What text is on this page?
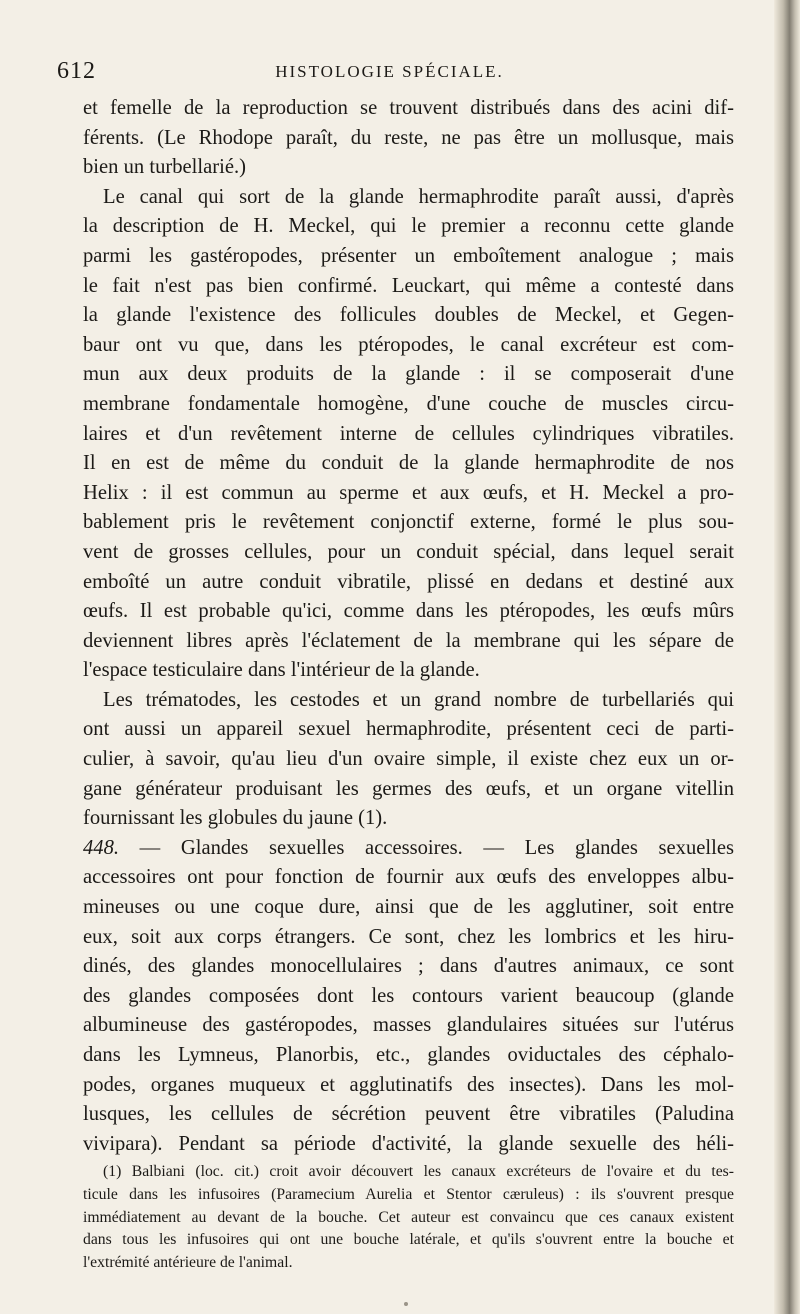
612	HISTOLOGIE SPÉCIALE.
et femelle de la reproduction se trouvent distribués dans des acini dif-
férents. (Le Rhodope paraît, du reste, ne pas être un mollusque, mais
bien un turbellarié.)
Le canal qui sort de la glande hermaphrodite paraît aussi, d'après
la description de H. Meckel, qui le premier a reconnu cette glande
parmi les gastéropodes, présenter un emboîtement analogue ; mais
le fait n'est pas bien confirmé. Leuckart, qui même a contesté dans
la glande l'existence des follicules doubles de Meckel, et Gegen-
baur ont vu que, dans les ptéropodes, le canal excréteur est com-
mun aux deux produits de la glande : il se composerait d'une
membrane fondamentale homogène, d'une couche de muscles circu-
laires et d'un revêtement interne de cellules cylindriques vibratiles.
Il en est de même du conduit de la glande hermaphrodite de nos
Helix : il est commun au sperme et aux œufs, et H. Meckel a pro-
bablement pris le revêtement conjonctif externe, formé le plus sou-
vent de grosses cellules, pour un conduit spécial, dans lequel serait
emboîté un autre conduit vibratile, plissé en dedans et destiné aux
œufs. Il est probable qu'ici, comme dans les ptéropodes, les œufs mûrs
deviennent libres après l'éclatement de la membrane qui les sépare de
l'espace testiculaire dans l'intérieur de la glande.
Les trématodes, les cestodes et un grand nombre de turbellariés qui
ont aussi un appareil sexuel hermaphrodite, présentent ceci de parti-
culier, à savoir, qu'au lieu d'un ovaire simple, il existe chez eux un or-
gane générateur produisant les germes des œufs, et un organe vitellin
fournissant les globules du jaune (1).
448. — Glandes sexuelles accessoires. — Les glandes sexuelles
accessoires ont pour fonction de fournir aux œufs des enveloppes albu-
mineuses ou une coque dure, ainsi que de les agglutiner, soit entre
eux, soit aux corps étrangers. Ce sont, chez les lombrics et les hiru-
dinés, des glandes monocellulaires ; dans d'autres animaux, ce sont
des glandes composées dont les contours varient beaucoup (glande
albumineuse des gastéropodes, masses glandulaires situées sur l'utérus
dans les Lymneus, Planorbis, etc., glandes oviductales des céphalo-
podes, organes muqueux et agglutinatifs des insectes). Dans les mol-
lusques, les cellules de sécrétion peuvent être vibratiles (Paludina
vivipara). Pendant sa période d'activité, la glande sexuelle des héli-
(1) Balbiani (loc. cit.) croit avoir découvert les canaux excréteurs de l'ovaire et du tes-
ticule dans les infusoires (Paramecium Aurelia et Stentor cæruleus) : ils s'ouvrent presque
immédiatement au devant de la bouche. Cet auteur est convaincu que ces canaux existent
dans tous les infusoires qui ont une bouche latérale, et qu'ils s'ouvrent entre la bouche et
l'extrémité antérieure de l'animal.
